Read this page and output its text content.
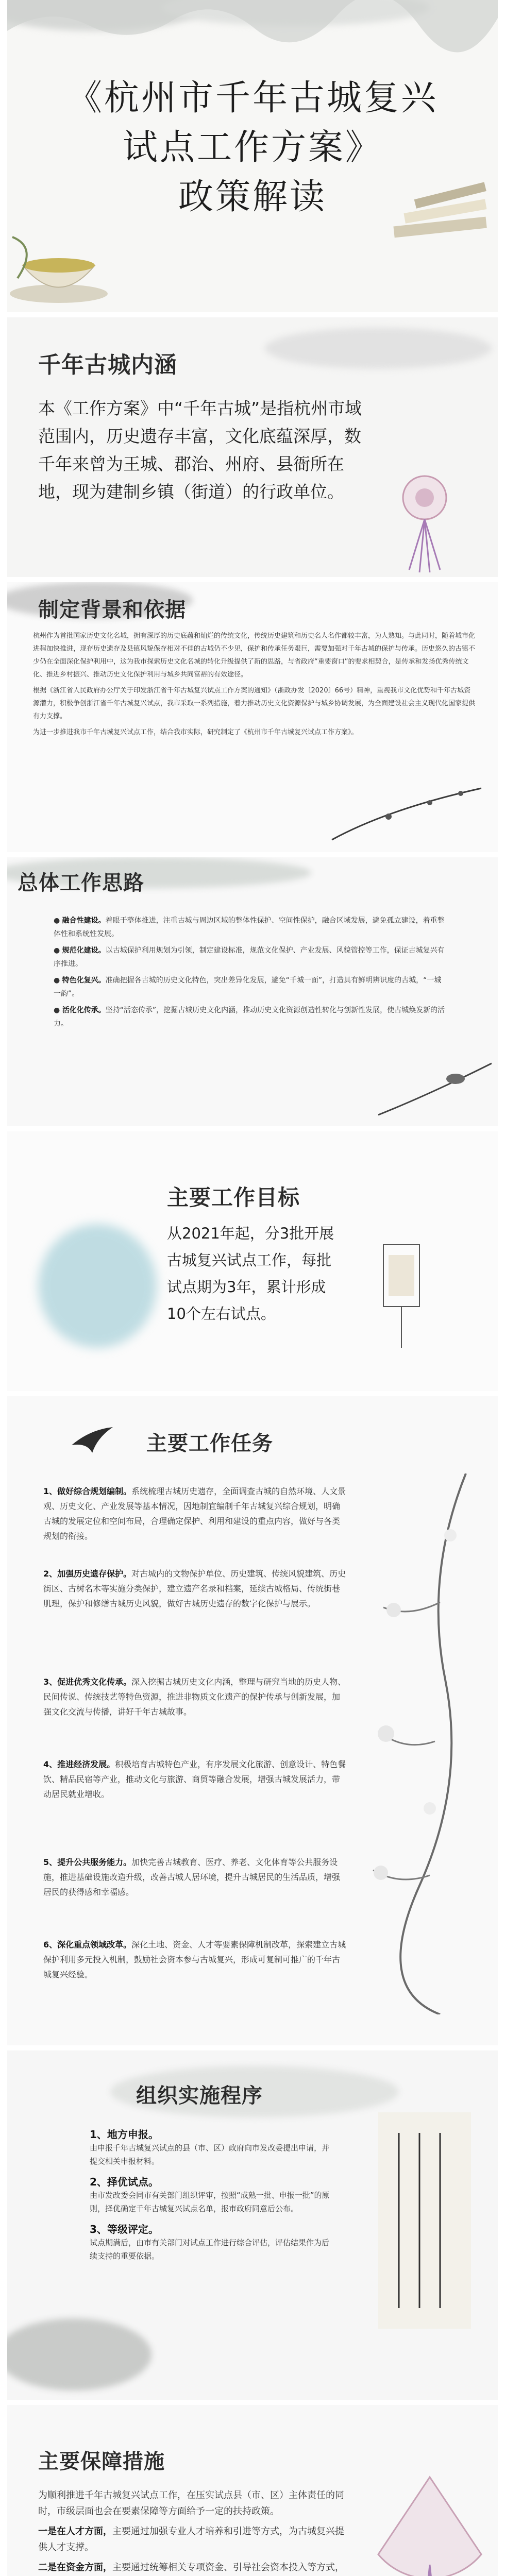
《杭州市千年古城复兴
试点工作方案》
政策解读
千年古城内涵
本《工作方案》中“千年古城”是指杭州市域范围内，历史遗存丰富，文化底蕴深厚，数千年来曾为王城、郡治、州府、县衙所在地，现为建制乡镇（街道）的行政单位。
制定背景和依据
杭州作为首批国家历史文化名城，拥有深厚的历史底蕴和灿烂的传统文化，传统历史建筑和历史名人名作都较丰富，为人熟知。与此同时，随着城市化进程加快推进，现存历史遗存及县镇风貌保存相对不佳的古城仍不少见，保护和传承任务艰巨，需要加强对千年古城的保护与传承。历史悠久的古镇不少仍在全面深化保护利用中，这为我市探索历史文化名城的转化升级提供了新的思路，与省政府“重要窗口”的要求相契合，是传承和发扬优秀传统文化、推进乡村振兴、推动历史文化保护利用与城乡共同富裕的有效途径。
根据《浙江省人民政府办公厅关于印发浙江省千年古城复兴试点工作方案的通知》（浙政办发〔2020〕66号）精神，重视我市文化优势和千年古城资源潜力，积极争创浙江省千年古城复兴试点，我市采取一系列措施，着力推动历史文化资源保护与城乡协调发展，为全面建设社会主义现代化国家提供有力支撑。
为进一步推进我市千年古城复兴试点工作，结合我市实际，研究制定了《杭州市千年古城复兴试点工作方案》。
总体工作思路
● 融合性建设。着眼于整体推进，注重古城与周边区域的整体性保护、空间性保护，融合区域发展，避免孤立建设，着重整体性和系统性发展。
● 规范化建设。以古城保护利用规划为引领，制定建设标准，规范文化保护、产业发展、风貌管控等工作，保证古城复兴有序推进。
● 特色化复兴。准确把握各古城的历史文化特色，突出差异化发展，避免“千城一面”，打造具有鲜明辨识度的古城，“一城一韵”。
● 活化化传承。坚持“活态传承”，挖掘古城历史文化内涵，推动历史文化资源创造性转化与创新性发展，使古城焕发新的活力。
主要工作目标
从2021年起，分3批开展
古城复兴试点工作，每批
试点期为3年，累计形成
10个左右试点。
主要工作任务
1、做好综合规划编制。系统梳理古城历史遗存，全面调查古城的自然环境、人文景观、历史文化、产业发展等基本情况，因地制宜编制千年古城复兴综合规划，明确古城的发展定位和空间布局，合理确定保护、利用和建设的重点内容，做好与各类规划的衔接。
2、加强历史遗存保护。对古城内的文物保护单位、历史建筑、传统风貌建筑、历史街区、古树名木等实施分类保护，建立遗产名录和档案，延续古城格局、传统街巷肌理，保护和修缮古城历史风貌，做好古城历史遗存的数字化保护与展示。
3、促进优秀文化传承。深入挖掘古城历史文化内涵，整理与研究当地的历史人物、民间传说、传统技艺等特色资源，推进非物质文化遗产的保护传承与创新发展，加强文化交流与传播，讲好千年古城故事。
4、推进经济发展。积极培育古城特色产业，有序发展文化旅游、创意设计、特色餐饮、精品民宿等产业，推动文化与旅游、商贸等融合发展，增强古城发展活力，带动居民就业增收。
5、提升公共服务能力。加快完善古城教育、医疗、养老、文化体育等公共服务设施，推进基础设施改造升级，改善古城人居环境，提升古城居民的生活品质，增强居民的获得感和幸福感。
6、深化重点领域改革。深化土地、资金、人才等要素保障机制改革，探索建立古城保护利用多元投入机制，鼓励社会资本参与古城复兴，形成可复制可推广的千年古城复兴经验。
组织实施程序
1、地方申报。
由申报千年古城复兴试点的县（市、区）政府向市发改委提出申请，并提交相关申报材料。
2、择优试点。
由市发改委会同市有关部门组织评审，按照“成熟一批、申报一批”的原则，择优确定千年古城复兴试点名单，报市政府同意后公布。
3、等级评定。
试点期满后，由市有关部门对试点工作进行综合评估，评估结果作为后续支持的重要依据。
主要保障措施
为顺利推进千年古城复兴试点工作，在压实试点县（市、区）主体责任的同时，市级层面也会在要素保障等方面给予一定的扶持政策。
一是在人才方面，主要通过加强专业人才培养和引进等方式，为古城复兴提供人才支撑。
二是在资金方面，主要通过统筹相关专项资金、引导社会资本投入等方式，
